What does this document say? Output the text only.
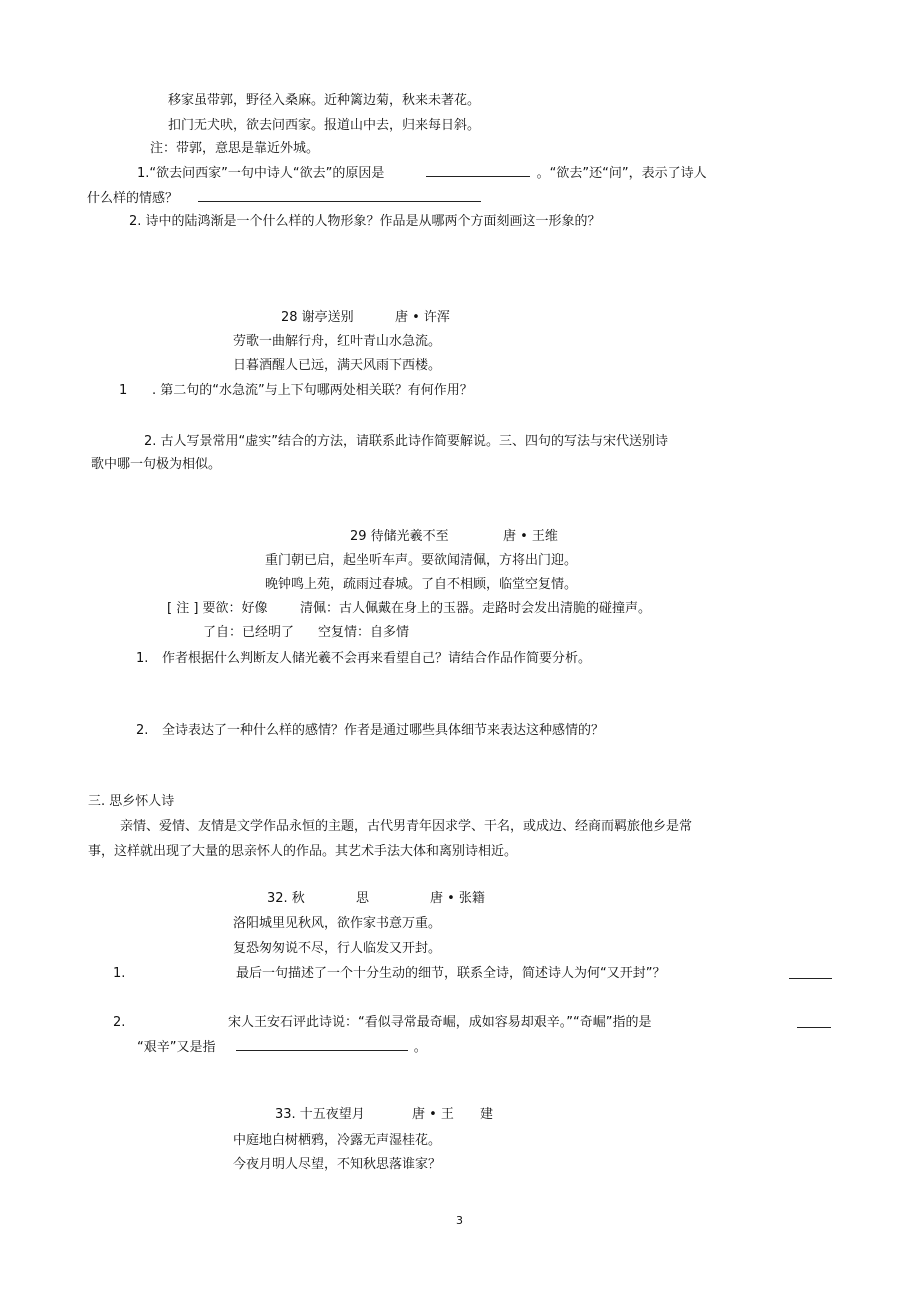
移家虽带郭，野径入桑麻。近种篱边菊，秋来未著花。
扣门无犬吠，欲去问西家。报道山中去，归来每日斜。
注：带郭，意思是靠近外城。
1.“欲去问西家”一句中诗人“欲去”的原因是	。“欲去”还“问”，表示了诗人
什么样的情感？
2. 诗中的陆鸿渐是一个什么样的人物形象？作品是从哪两个方面刻画这一形象的？
28 谢亭送别	唐 • 许浑
劳歌一曲解行舟，红叶青山水急流。
日暮酒醒人已远，满天风雨下西楼。
1 . 第二句的“水急流”与上下句哪两处相关联？有何作用？
2. 古人写景常用“虚实”结合的方法，请联系此诗作简要解说。三、四句的写法与宋代送别诗
歌中哪一句极为相似。
29 待储光羲不至	唐 • 王维
重门朝已启，起坐听车声。要欲闻清佩，方将出门迎。
晚钟鸣上苑，疏雨过春城。了自不相顾，临堂空复情。
[ 注 ] 要欲：好像 清佩：古人佩戴在身上的玉器。走路时会发出清脆的碰撞声。
了自：已经明了 空复情：自多情
1. 作者根据什么判断友人储光羲不会再来看望自己？请结合作品作简要分析。
2. 全诗表达了一种什么样的感情？作者是通过哪些具体细节来表达这种感情的？
三. 思乡怀人诗
亲情、爱情、友情是文学作品永恒的主题，古代男青年因求学、干名，或成边、经商而羁旅他乡是常
事，这样就出现了大量的思亲怀人的作品。其艺术手法大体和离别诗相近。
32. 秋	思	唐 • 张籍
洛阳城里见秋风，欲作家书意万重。
复恐匆匆说不尽，行人临发又开封。
1.	最后一句描述了一个十分生动的细节，联系全诗，简述诗人为何“又开封”？
2.	宋人王安石评此诗说：“看似寻常最奇崛，成如容易却艰辛。”“奇崛”指的是
“艰辛”又是指	。
33. 十五夜望月	唐 • 王 建
中庭地白树栖鸦，冷露无声湿桂花。
今夜月明人尽望，不知秋思落谁家？
3
